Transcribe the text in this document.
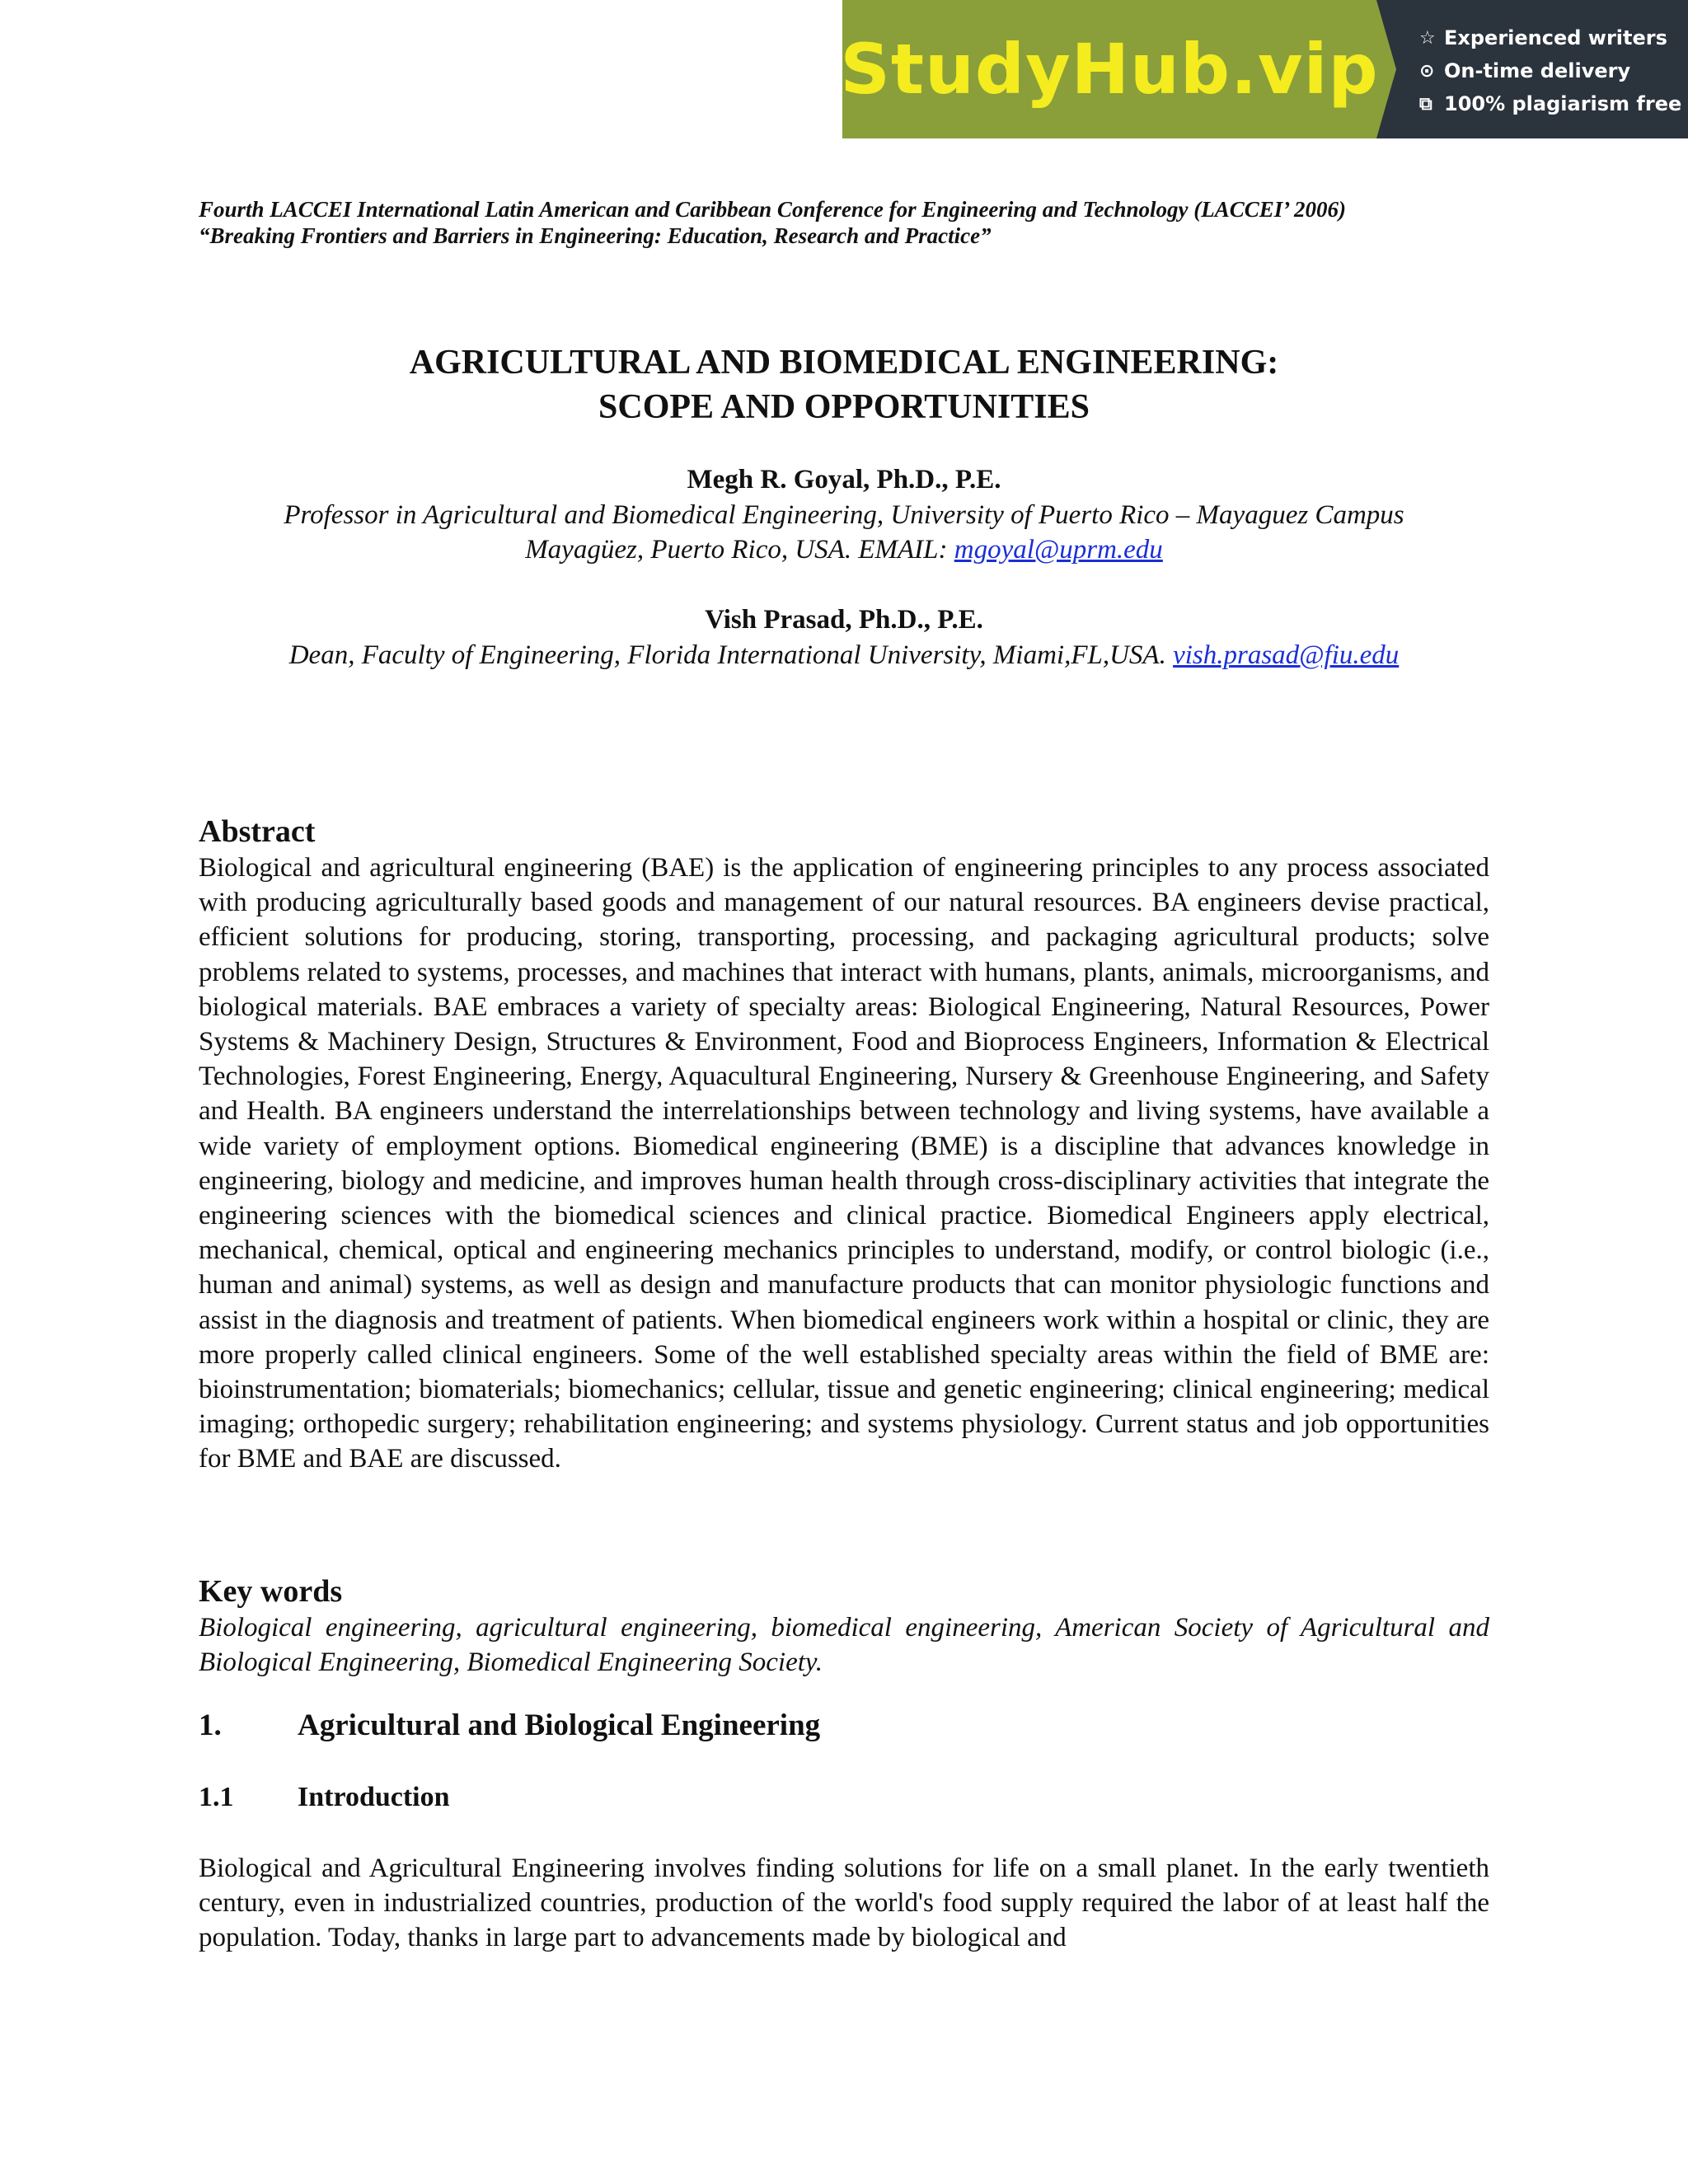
StudyHub.vip ☆ Experienced writers
⊙ On-time delivery
⧉ 100% plagiarism free

Fourth LACCEI International Latin American and Caribbean Conference for Engineering and Technology (LACCEI’ 2006)
“Breaking Frontiers and Barriers in Engineering: Education, Research and Practice”

AGRICULTURAL AND BIOMEDICAL ENGINEERING:
SCOPE AND OPPORTUNITIES
Megh R. Goyal, Ph.D., P.E.
Professor in Agricultural and Biomedical Engineering, University of Puerto Rico – Mayaguez Campus
Mayagüez, Puerto Rico, USA. EMAIL: mgoyal@uprm.edu
Vish Prasad, Ph.D., P.E.
Dean, Faculty of Engineering, Florida International University, Miami,FL,USA. vish.prasad@fiu.edu
Abstract

Biological and agricultural engineering (BAE) is the application of engineering principles to any process associated with producing agriculturally based goods and management of our natural resources. BA engineers devise practical, efficient solutions for producing, storing, transporting, processing, and packaging agricultural products; solve problems related to systems, processes, and machines that interact with humans, plants, animals, microorganisms, and biological materials. BAE embraces a variety of specialty areas: Biological Engineering, Natural Resources, Power Systems & Machinery Design, Structures & Environment, Food and Bioprocess Engineers, Information & Electrical Technologies, Forest Engineering, Energy, Aquacultural Engineering, Nursery & Greenhouse Engineering, and Safety and Health. BA engineers understand the interrelationships between technology and living systems, have available a wide variety of employment options. Biomedical engineering (BME) is a discipline that advances knowledge in engineering, biology and medicine, and improves human health through cross-disciplinary activities that integrate the engineering sciences with the biomedical sciences and clinical practice. Biomedical Engineers apply electrical, mechanical, chemical, optical and engineering mechanics principles to understand, modify, or control biologic (i.e., human and animal) systems, as well as design and manufacture products that can monitor physiologic functions and assist in the diagnosis and treatment of patients. When biomedical engineers work within a hospital or clinic, they are more properly called clinical engineers. Some of the well established specialty areas within the field of BME are: bioinstrumentation; biomaterials; biomechanics; cellular, tissue and genetic engineering; clinical engineering; medical imaging; orthopedic surgery; rehabilitation engineering; and systems physiology. Current status and job opportunities for BME and BAE are discussed.

Key words

Biological engineering, agricultural engineering, biomedical engineering, American Society of Agricultural and Biological Engineering, Biomedical Engineering Society.

1.	Agricultural and Biological Engineering
1.1	Introduction

Biological and Agricultural Engineering involves finding solutions for life on a small planet. In the early twentieth century, even in industrialized countries, production of the world's food supply required the labor of at least half the population. Today, thanks in large part to advancements made by biological and
